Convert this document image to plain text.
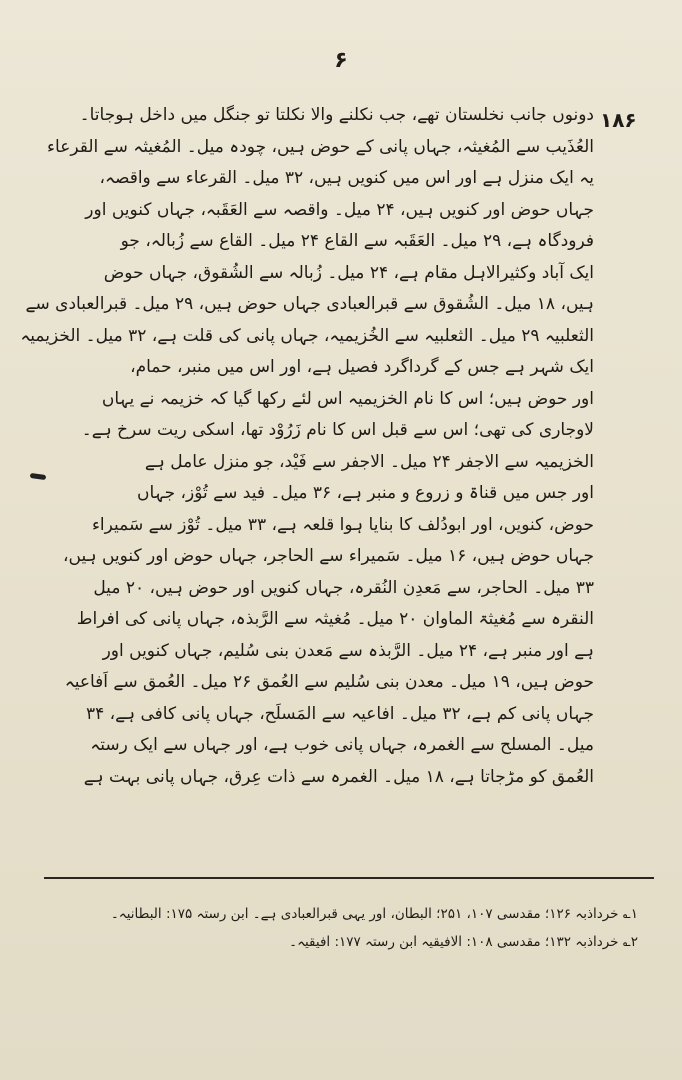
۶
۱۸۶
دونوں جانب نخلستان تھے، جب نکلنے والا نکلتا تو جنگل میں داخل ہوجاتا۔
العُذَیب سے المُغیثہ، جہاں پانی کے حوض ہیں، چودہ میل۔ المُغیثہ سے القرعاء
یہ ایک منزل ہے اور اس میں کنویں ہیں، ۳۲ میل۔ القرعاء سے واقصہ،
جہاں حوض اور کنویں ہیں، ۲۴ میل۔ واقصہ سے العَقَبہ، جہاں کنویں اور
فرودگاہ ہے، ۲۹ میل۔ العَقَبہ سے القاع ۲۴ میل۔ القاع سے زُبالہ، جو
ایک آباد وکثیرالاہل مقام ہے، ۲۴ میل۔ زُبالہ سے الشُقوق، جہاں حوض
ہیں، ۱۸ میل۔ الشُقوق سے قبرالعبادی جہاں حوض ہیں، ۲۹ میل۔ قبرالعبادی سے
الثعلبیہ ۲۹ میل۔ الثعلبیہ سے الخُزیمیہ، جہاں پانی کی قلت ہے، ۳۲ میل۔ الخزیمیہ
ایک شہر ہے جس کے گرداگرد فصیل ہے، اور اس میں منبر، حمام،
اور حوض ہیں؛ اس کا نام الخزیمیہ اس لئے رکھا گیا کہ خزیمہ نے یہاں
لاوجاری کی تھی؛ اس سے قبل اس کا نام زَرُوْد تھا، اسکی ریت سرخ ہے۔
الخزیمیہ سے الاجفر ۲۴ میل۔ الاجفر سے فَیْد، جو منزل عامل ہے
اور جس میں قناۃ و زروع و منبر ہے، ۳۶ میل۔ فید سے تُوْز، جہاں
حوض، کنویں، اور ابودُلف کا بنایا ہوا قلعہ ہے، ۳۳ میل۔ تُوْز سے سَمیراء
جہاں حوض ہیں، ۱۶ میل۔ سَمیراء سے الحاجر، جہاں حوض اور کنویں ہیں،
۳۳ میل۔ الحاجر، سے مَعدِن النُقرہ، جہاں کنویں اور حوض ہیں، ۲۰ میل
النقرہ سے مُغیثۃ الماوان ۲۰ میل۔ مُغیثہ سے الرَّبذہ، جہاں پانی کی افراط
ہے اور منبر ہے، ۲۴ میل۔ الرَّبذہ سے مَعدن بنی سُلیم، جہاں کنویں اور
حوض ہیں، ۱۹ میل۔ معدن بنی سُلیم سے العُمق ۲۶ میل۔ العُمق سے اَفاعیہ
جہاں پانی کم ہے، ۳۲ میل۔ افاعیہ سے المَسلَح، جہاں پانی کافی ہے، ۳۴
میل۔ المسلح سے الغمرہ، جہاں پانی خوب ہے، اور جہاں سے ایک رستہ
العُمق کو مڑجاتا ہے، ۱۸ میل۔ الغمرہ سے ذات عِرق، جہاں پانی بہت ہے
۱؎ خرداذبہ ۱۲۶؛ مقدسی ۱۰۷، ۲۵۱؛ البطان، اور یہی قبرالعبادی ہے۔ ابن رستہ ۱۷۵: البطانیہ۔
۲؎ خرداذبہ ۱۳۲؛ مقدسی ۱۰۸: الافیقیہ ابن رستہ ۱۷۷: افیقیہ۔
